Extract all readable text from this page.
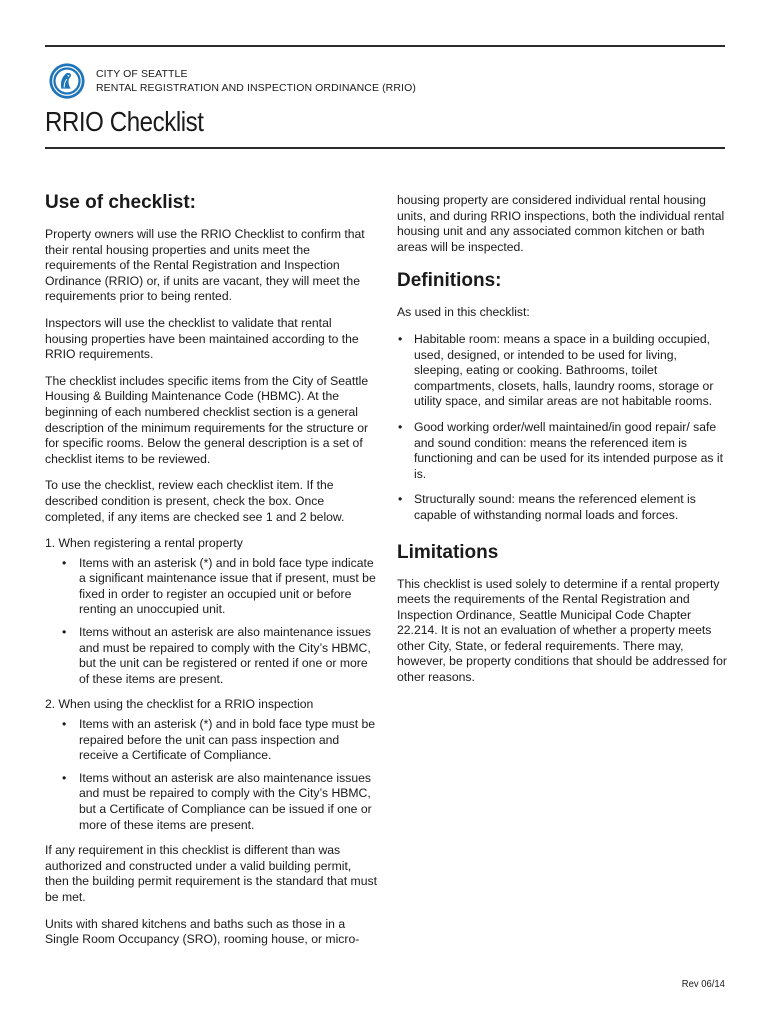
CITY OF SEATTLE
RENTAL REGISTRATION AND INSPECTION ORDINANCE (RRIO)
RRIO Checklist
Use of checklist:

Property owners will use the RRIO Checklist to confirm that their rental housing properties and units meet the requirements of the Rental Registration and Inspection Ordinance (RRIO) or, if units are vacant, they will meet the requirements prior to being rented.

Inspectors will use the checklist to validate that rental housing properties have been maintained according to the RRIO requirements.

The checklist includes specific items from the City of Seattle Housing & Building Maintenance Code (HBMC). At the beginning of each numbered checklist section is a general description of the minimum requirements for the structure or for specific rooms. Below the general description is a set of checklist items to be reviewed.

To use the checklist, review each checklist item. If the described condition is present, check the box. Once completed, if any items are checked see 1 and 2 below.

1. When registering a rental property
• Items with an asterisk (*) and in bold face type indicate a significant maintenance issue that if present, must be fixed in order to register an occupied unit or before renting an unoccupied unit.
• Items without an asterisk are also maintenance issues and must be repaired to comply with the City’s HBMC, but the unit can be registered or rented if one or more of these items are present.
2. When using the checklist for a RRIO inspection
• Items with an asterisk (*) and in bold face type must be repaired before the unit can pass inspection and receive a Certificate of Compliance.
• Items without an asterisk are also maintenance issues and must be repaired to comply with the City’s HBMC, but a Certificate of Compliance can be issued if one or more of these items are present.

If any requirement in this checklist is different than was authorized and constructed under a valid building permit, then the building permit requirement is the standard that must be met.

Units with shared kitchens and baths such as those in a Single Room Occupancy (SRO), rooming house, or micro-

housing property are considered individual rental housing units, and during RRIO inspections, both the individual rental housing unit and any associated common kitchen or bath areas will be inspected.

Definitions:

As used in this checklist:

• Habitable room: means a space in a building occupied, used, designed, or intended to be used for living, sleeping, eating or cooking. Bathrooms, toilet compartments, closets, halls, laundry rooms, storage or utility space, and similar areas are not habitable rooms.
• Good working order/well maintained/in good repair/ safe and sound condition: means the referenced item is functioning and can be used for its intended purpose as it is.
• Structurally sound: means the referenced element is capable of withstanding normal loads and forces.
Limitations

This checklist is used solely to determine if a rental property meets the requirements of the Rental Registration and Inspection Ordinance, Seattle Municipal Code Chapter 22.214. It is not an evaluation of whether a property meets other City, State, or federal requirements. There may, however, be property conditions that should be addressed for other reasons.

Rev 06/14
